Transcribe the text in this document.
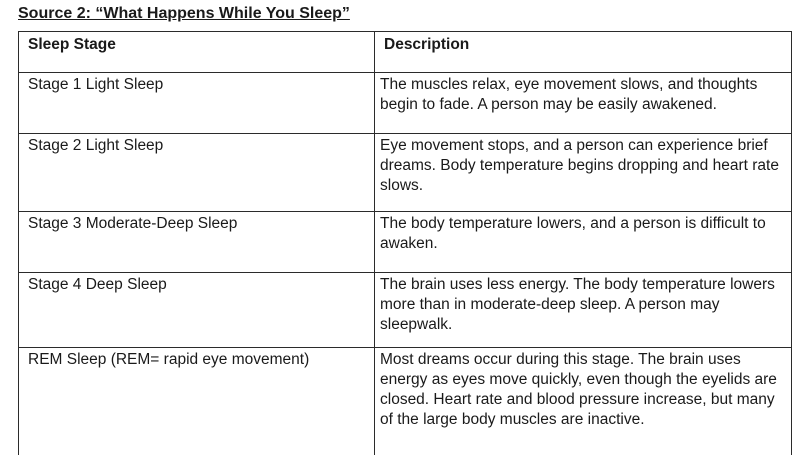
Source 2: “What Happens While You Sleep”
Sleep Stage	Description
Stage 1 Light Sleep	The muscles relax, eye movement slows, and thoughts begin to fade. A person may be easily awakened.
Stage 2 Light Sleep	Eye movement stops, and a person can experience brief dreams. Body temperature begins dropping and heart rate slows.
Stage 3 Moderate-Deep Sleep	The body temperature lowers, and a person is difficult to awaken.
Stage 4 Deep Sleep	The brain uses less energy. The body temperature lowers more than in moderate-deep sleep. A person may sleepwalk.
REM Sleep (REM= rapid eye movement)	Most dreams occur during this stage. The brain uses energy as eyes move quickly, even though the eyelids are closed. Heart rate and blood pressure increase, but many of the large body muscles are inactive.
